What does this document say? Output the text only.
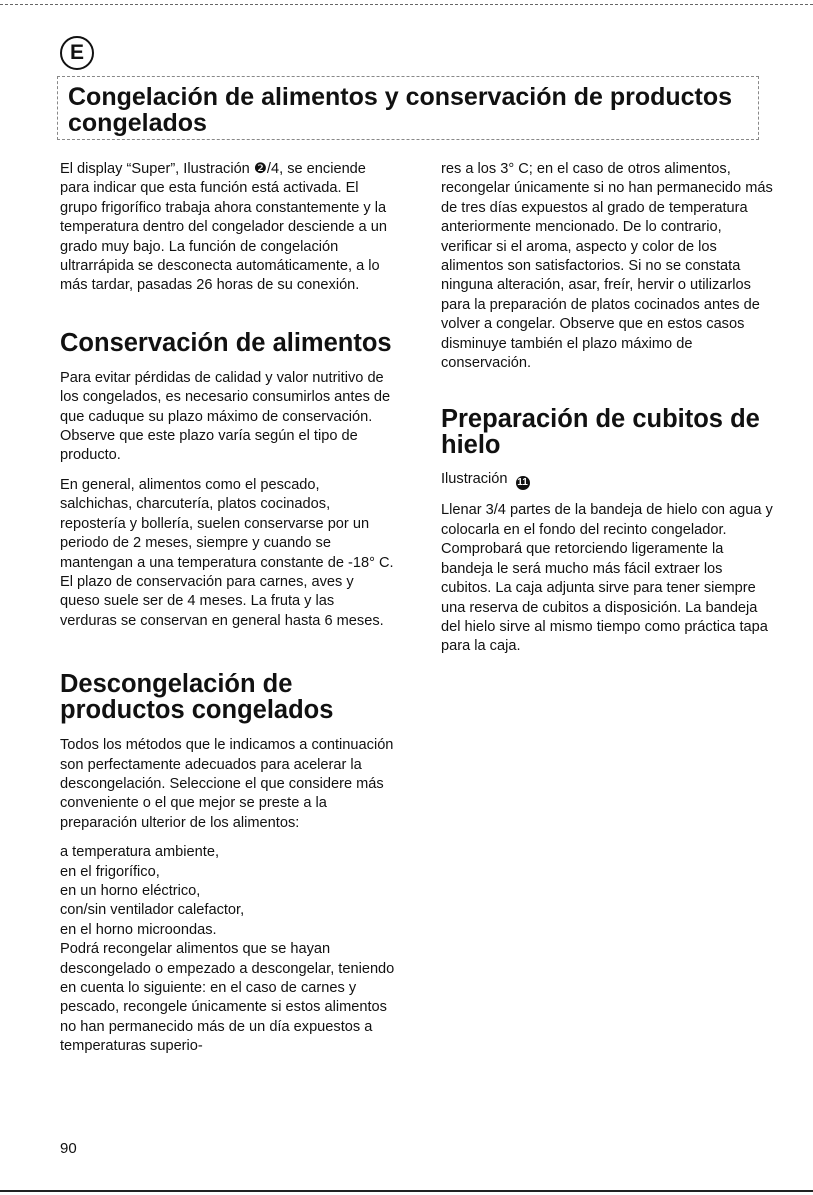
E
Congelación de alimentos y conservación de productos congelados

El display “Super”, Ilustración ❷/4, se enciende para indicar que esta función está activada. El grupo frigorífico trabaja ahora constantemente y la temperatura dentro del congelador desciende a un grado muy bajo. La función de congelación ultrarrápida se desconecta automáticamente, a lo más tardar, pasadas 26 horas de su conexión.

Conservación de alimentos

Para evitar pérdidas de calidad y valor nutritivo de los congelados, es necesario consumirlos antes de que caduque su plazo máximo de conservación. Observe que este plazo varía según el tipo de producto.

En general, alimentos como el pescado, salchichas, charcutería, platos cocinados, repostería y bollería, suelen conservarse por un periodo de 2 meses, siempre y cuando se mantengan a una temperatura constante de -18° C. El plazo de conservación para carnes, aves y queso suele ser de 4 meses. La fruta y las verduras se conservan en general hasta 6 meses.

Descongelación de productos congelados

Todos los métodos que le indicamos a continuación son perfectamente adecuados para acelerar la descongelación. Seleccione el que considere más conveniente o el que mejor se preste a la preparación ulterior de los alimentos:

a temperatura ambiente,

en el frigorífico,

en un horno eléctrico,

con/sin ventilador calefactor,

en el horno microondas.

Podrá recongelar alimentos que se hayan descongelado o empezado a descongelar, teniendo en cuenta lo siguiente: en el caso de carnes y pescado, recongele únicamente si estos alimentos no han permanecido más de un día expuestos a temperaturas superio-

res a los 3° C; en el caso de otros alimentos, recongelar únicamente si no han permanecido más de tres días expuestos al grado de temperatura anteriormente mencionado. De lo contrario, verificar si el aroma, aspecto y color de los alimentos son satisfactorios. Si no se constata ninguna alteración, asar, freír, hervir o utilizarlos para la preparación de platos cocinados antes de volver a congelar. Observe que en estos casos disminuye también el plazo máximo de conservación.

Preparación de cubitos de hielo
Ilustración 11

Llenar 3/4 partes de la bandeja de hielo con agua y colocarla en el fondo del recinto congelador. Comprobará que retorciendo ligeramente la bandeja le será mucho más fácil extraer los cubitos. La caja adjunta sirve para tener siempre una reserva de cubitos a disposición. La bandeja del hielo sirve al mismo tiempo como práctica tapa para la caja.

90
